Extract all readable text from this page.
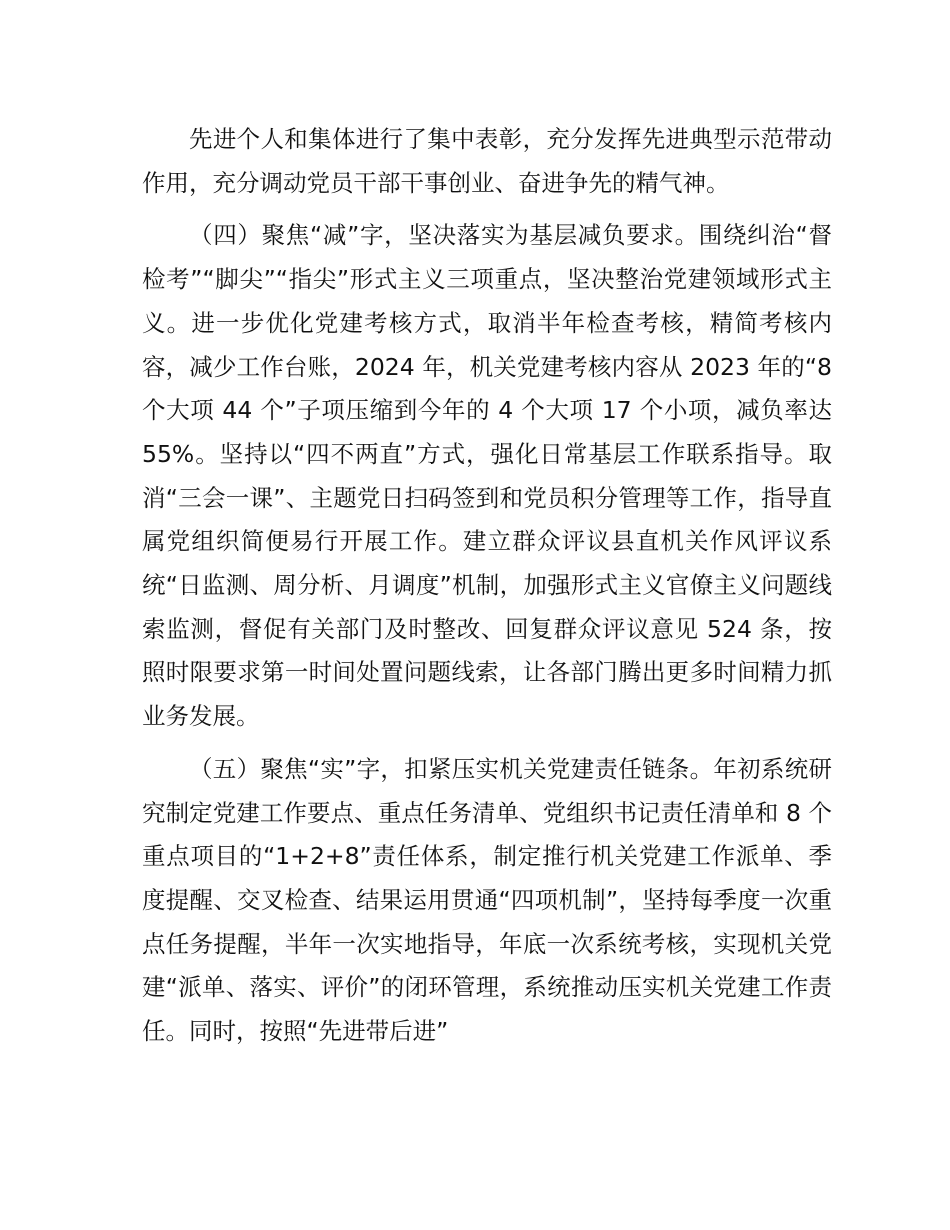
先进个人和集体进行了集中表彰，充分发挥先进典型示范带动作用，充分调动党员干部干事创业、奋进争先的精气神。

（四）聚焦“减”字，坚决落实为基层减负要求。围绕纠治“督检考”“脚尖”“指尖”形式主义三项重点，坚决整治党建领域形式主义。进一步优化党建考核方式，取消半年检查考核，精简考核内容，减少工作台账，2024 年，机关党建考核内容从 2023 年的“8 个大项 44 个”子项压缩到今年的 4 个大项 17 个小项，减负率达 55%。坚持以“四不两直”方式，强化日常基层工作联系指导。取消“三会一课”、主题党日扫码签到和党员积分管理等工作，指导直属党组织简便易行开展工作。建立群众评议县直机关作风评议系统“日监测、周分析、月调度”机制，加强形式主义官僚主义问题线索监测，督促有关部门及时整改、回复群众评议意见 524 条，按照时限要求第一时间处置问题线索，让各部门腾出更多时间精力抓业务发展。

（五）聚焦“实”字，扣紧压实机关党建责任链条。年初系统研究制定党建工作要点、重点任务清单、党组织书记责任清单和 8 个重点项目的“1+2+8”责任体系，制定推行机关党建工作派单、季度提醒、交叉检查、结果运用贯通“四项机制”，坚持每季度一次重点任务提醒，半年一次实地指导，年底一次系统考核，实现机关党建“派单、落实、评价”的闭环管理，系统推动压实机关党建工作责任。同时，按照“先进带后进”
